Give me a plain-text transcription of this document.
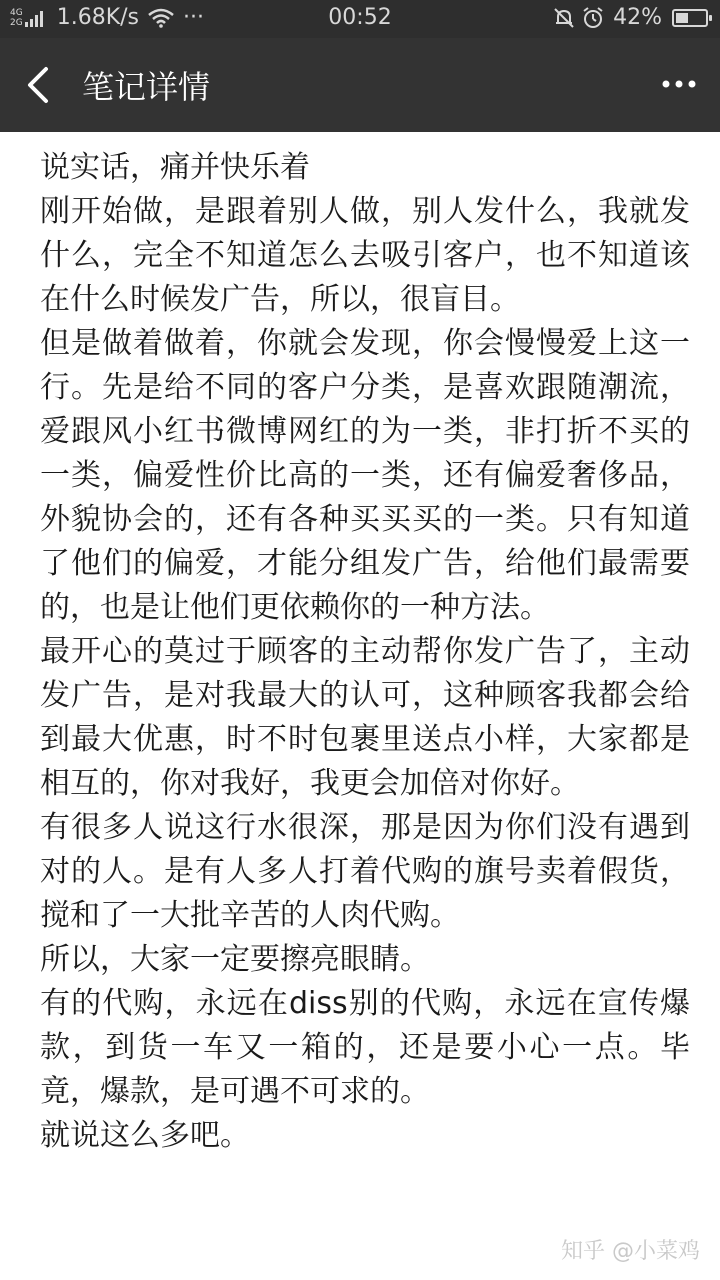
4G
2G 1.68K/s ···	00:52	42%
笔记详情

说实话，痛并快乐着

刚开始做，是跟着别人做，别人发什么，我就发什么，完全不知道怎么去吸引客户，也不知道该在什么时候发广告，所以，很盲目。

但是做着做着，你就会发现，你会慢慢爱上这一行。先是给不同的客户分类，是喜欢跟随潮流，爱跟风小红书微博网红的为一类，非打折不买的一类，偏爱性价比高的一类，还有偏爱奢侈品，外貌协会的，还有各种买买买的一类。只有知道了他们的偏爱，才能分组发广告，给他们最需要的，也是让他们更依赖你的一种方法。

最开心的莫过于顾客的主动帮你发广告了，主动发广告，是对我最大的认可，这种顾客我都会给到最大优惠，时不时包裹里送点小样，大家都是相互的，你对我好，我更会加倍对你好。

有很多人说这行水很深，那是因为你们没有遇到对的人。是有人多人打着代购的旗号卖着假货，搅和了一大批辛苦的人肉代购。

所以，大家一定要擦亮眼睛。

有的代购，永远在diss别的代购，永远在宣传爆款，到货一车又一箱的，还是要小心一点。毕竟，爆款，是可遇不可求的。

就说这么多吧。

知乎 @小菜鸡
